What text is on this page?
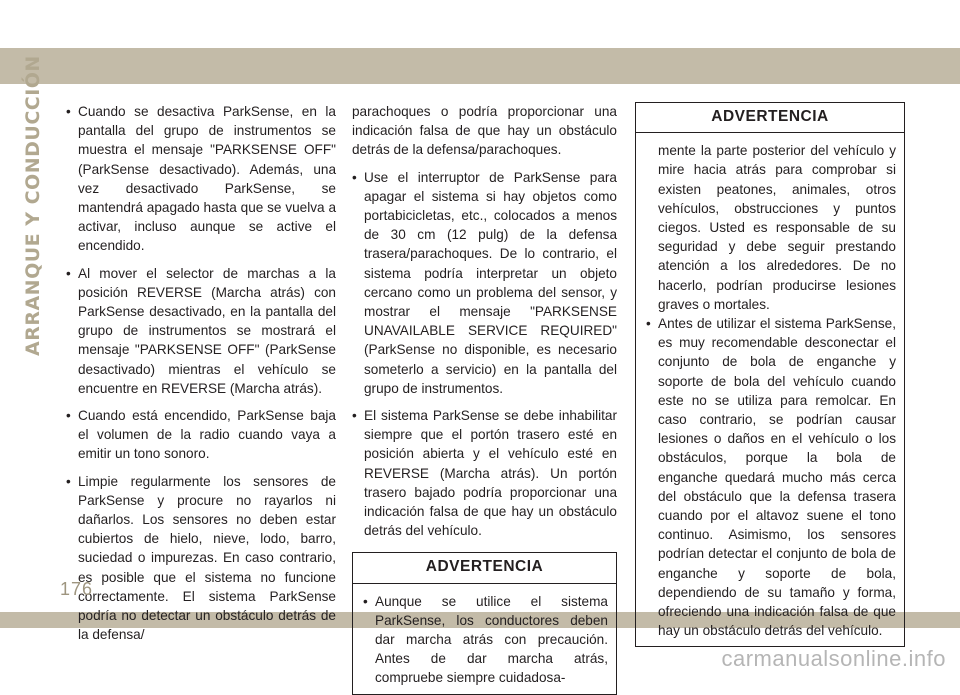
ARRANQUE Y CONDUCCIÓN • Cuando se desactiva ParkSense, en la pantalla del grupo de instrumentos se muestra el mensaje "PARKSENSE OFF" (ParkSense desactivado). Además, una vez desactivado ParkSense, se mantendrá apagado hasta que se vuelva a activar, incluso aunque se active el encendido.
• Al mover el selector de marchas a la posición REVERSE (Marcha atrás) con ParkSense desactivado, en la pantalla del grupo de instrumentos se mostrará el mensaje "PARKSENSE OFF" (ParkSense desactivado) mientras el vehículo se encuentre en REVERSE (Marcha atrás).
• Cuando está encendido, ParkSense baja el volumen de la radio cuando vaya a emitir un tono sonoro.
• Limpie regularmente los sensores de ParkSense y procure no rayarlos ni dañarlos. Los sensores no deben estar cubiertos de hielo, nieve, lodo, barro, suciedad o impurezas. En caso contrario, es posible que el sistema no funcione correctamente. El sistema ParkSense podría no detectar un obstáculo detrás de la defensa/
parachoques o podría proporcionar una indicación falsa de que hay un obstáculo detrás de la defensa/parachoques.
• Use el interruptor de ParkSense para apagar el sistema si hay objetos como portabicicletas, etc., colocados a menos de 30 cm (12 pulg) de la defensa trasera/parachoques. De lo contrario, el sistema podría interpretar un objeto cercano como un problema del sensor, y mostrar el mensaje "PARKSENSE UNAVAILABLE SERVICE REQUIRED" (ParkSense no disponible, es necesario someterlo a servicio) en la pantalla del grupo de instrumentos.
• El sistema ParkSense se debe inhabilitar siempre que el portón trasero esté en posición abierta y el vehículo esté en REVERSE (Marcha atrás). Un portón trasero bajado podría proporcionar una indicación falsa de que hay un obstáculo detrás del vehículo.
ADVERTENCIA
• Aunque se utilice el sistema ParkSense, los conductores deben dar marcha atrás con precaución. Antes de dar marcha atrás, compruebe siempre cuidadosa-
ADVERTENCIA
mente la parte posterior del vehículo y mire hacia atrás para comprobar si existen peatones, animales, otros vehículos, obstrucciones y puntos ciegos. Usted es responsable de su seguridad y debe seguir prestando atención a los alrededores. De no hacerlo, podrían producirse lesiones graves o mortales.
• Antes de utilizar el sistema ParkSense, es muy recomendable desconectar el conjunto de bola de enganche y soporte de bola del vehículo cuando este no se utiliza para remolcar. En caso contrario, se podrían causar lesiones o daños en el vehículo o los obstáculos, porque la bola de enganche quedará mucho más cerca del obstáculo que la defensa trasera cuando por el altavoz suene el tono continuo. Asimismo, los sensores podrían detectar el conjunto de bola de enganche y soporte de bola, dependiendo de su tamaño y forma, ofreciendo una indicación falsa de que hay un obstáculo detrás del vehículo.
176
carmanualsonline.info
